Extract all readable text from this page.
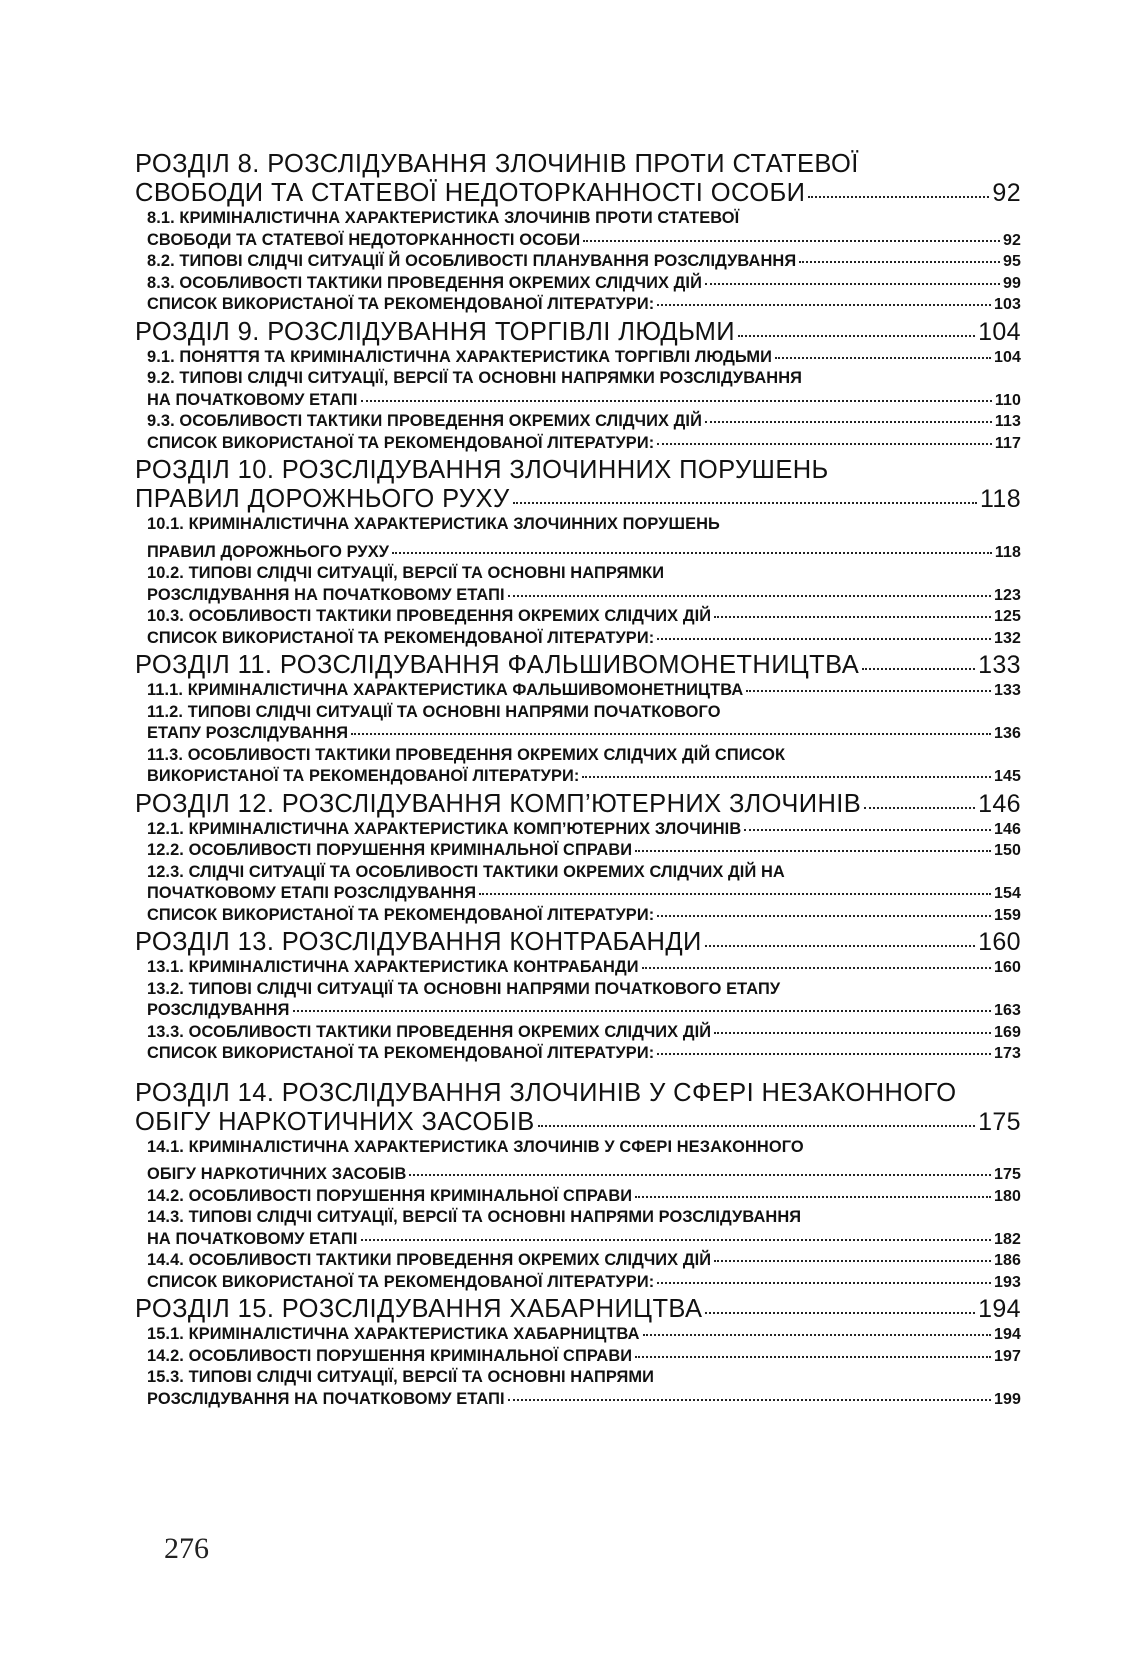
РОЗДІЛ 8. РОЗСЛІДУВАННЯ ЗЛОЧИНІВ ПРОТИ СТАТЕВОЇ
СВОБОДИ ТА СТАТЕВОЇ НЕДОТОРКАННОСТІ ОСОБИ	92
8.1. КРИМІНАЛІСТИЧНА ХАРАКТЕРИСТИКА ЗЛОЧИНІВ ПРОТИ СТАТЕВОЇ
СВОБОДИ ТА СТАТЕВОЇ НЕДОТОРКАННОСТІ ОСОБИ	92
8.2. ТИПОВІ СЛІДЧІ СИТУАЦІЇ Й ОСОБЛИВОСТІ ПЛАНУВАННЯ РОЗСЛІДУВАННЯ	95
8.3. ОСОБЛИВОСТІ ТАКТИКИ ПРОВЕДЕННЯ ОКРЕМИХ СЛІДЧИХ ДІЙ	99
СПИСОК ВИКОРИСТАНОЇ ТА РЕКОМЕНДОВАНОЇ ЛІТЕРАТУРИ:	103
РОЗДІЛ 9. РОЗСЛІДУВАННЯ ТОРГІВЛІ ЛЮДЬМИ	104
9.1. ПОНЯТТЯ ТА КРИМІНАЛІСТИЧНА ХАРАКТЕРИСТИКА ТОРГІВЛІ ЛЮДЬМИ	104
9.2. ТИПОВІ СЛІДЧІ СИТУАЦІЇ, ВЕРСІЇ ТА ОСНОВНІ НАПРЯМКИ РОЗСЛІДУВАННЯ
НА ПОЧАТКОВОМУ ЕТАПІ	110
9.3. ОСОБЛИВОСТІ ТАКТИКИ ПРОВЕДЕННЯ ОКРЕМИХ СЛІДЧИХ ДІЙ	113
СПИСОК ВИКОРИСТАНОЇ ТА РЕКОМЕНДОВАНОЇ ЛІТЕРАТУРИ:	117
РОЗДІЛ 10. РОЗСЛІДУВАННЯ ЗЛОЧИННИХ ПОРУШЕНЬ
ПРАВИЛ ДОРОЖНЬОГО РУХУ	118
10.1. КРИМІНАЛІСТИЧНА ХАРАКТЕРИСТИКА ЗЛОЧИННИХ ПОРУШЕНЬ
ПРАВИЛ ДОРОЖНЬОГО РУХУ	118
10.2. ТИПОВІ СЛІДЧІ СИТУАЦІЇ, ВЕРСІЇ ТА ОСНОВНІ НАПРЯМКИ
РОЗСЛІДУВАННЯ НА ПОЧАТКОВОМУ ЕТАПІ	123
10.3. ОСОБЛИВОСТІ ТАКТИКИ ПРОВЕДЕННЯ ОКРЕМИХ СЛІДЧИХ ДІЙ	125
СПИСОК ВИКОРИСТАНОЇ ТА РЕКОМЕНДОВАНОЇ ЛІТЕРАТУРИ:	132
РОЗДІЛ 11. РОЗСЛІДУВАННЯ ФАЛЬШИВОМОНЕТНИЦТВА	133
11.1. КРИМІНАЛІСТИЧНА ХАРАКТЕРИСТИКА ФАЛЬШИВОМОНЕТНИЦТВА	133
11.2. ТИПОВІ СЛІДЧІ СИТУАЦІЇ ТА ОСНОВНІ НАПРЯМИ ПОЧАТКОВОГО
ЕТАПУ РОЗСЛІДУВАННЯ	136
11.3. ОСОБЛИВОСТІ ТАКТИКИ ПРОВЕДЕННЯ ОКРЕМИХ СЛІДЧИХ ДІЙ СПИСОК
ВИКОРИСТАНОЇ ТА РЕКОМЕНДОВАНОЇ ЛІТЕРАТУРИ:	145
РОЗДІЛ 12. РОЗСЛІДУВАННЯ КОМП’ЮТЕРНИХ ЗЛОЧИНІВ	146
12.1. КРИМІНАЛІСТИЧНА ХАРАКТЕРИСТИКА КОМП’ЮТЕРНИХ ЗЛОЧИНІВ	146
12.2. ОСОБЛИВОСТІ ПОРУШЕННЯ КРИМІНАЛЬНОЇ СПРАВИ	150
12.3. СЛІДЧІ СИТУАЦІЇ ТА ОСОБЛИВОСТІ ТАКТИКИ ОКРЕМИХ СЛІДЧИХ ДІЙ НА
ПОЧАТКОВОМУ ЕТАПІ РОЗСЛІДУВАННЯ	154
СПИСОК ВИКОРИСТАНОЇ ТА РЕКОМЕНДОВАНОЇ ЛІТЕРАТУРИ:	159
РОЗДІЛ 13. РОЗСЛІДУВАННЯ КОНТРАБАНДИ	160
13.1. КРИМІНАЛІСТИЧНА ХАРАКТЕРИСТИКА КОНТРАБАНДИ	160
13.2. ТИПОВІ СЛІДЧІ СИТУАЦІЇ ТА ОСНОВНІ НАПРЯМИ ПОЧАТКОВОГО ЕТАПУ
РОЗСЛІДУВАННЯ	163
13.3. ОСОБЛИВОСТІ ТАКТИКИ ПРОВЕДЕННЯ ОКРЕМИХ СЛІДЧИХ ДІЙ	169
СПИСОК ВИКОРИСТАНОЇ ТА РЕКОМЕНДОВАНОЇ ЛІТЕРАТУРИ:	173
РОЗДІЛ 14. РОЗСЛІДУВАННЯ ЗЛОЧИНІВ У СФЕРІ НЕЗАКОННОГО
ОБІГУ НАРКОТИЧНИХ ЗАСОБІВ	175
14.1. КРИМІНАЛІСТИЧНА ХАРАКТЕРИСТИКА ЗЛОЧИНІВ У СФЕРІ НЕЗАКОННОГО
ОБІГУ НАРКОТИЧНИХ ЗАСОБІВ	175
14.2. ОСОБЛИВОСТІ ПОРУШЕННЯ КРИМІНАЛЬНОЇ СПРАВИ	180
14.3. ТИПОВІ СЛІДЧІ СИТУАЦІЇ, ВЕРСІЇ ТА ОСНОВНІ НАПРЯМИ РОЗСЛІДУВАННЯ
НА ПОЧАТКОВОМУ ЕТАПІ	182
14.4. ОСОБЛИВОСТІ ТАКТИКИ ПРОВЕДЕННЯ ОКРЕМИХ СЛІДЧИХ ДІЙ	186
СПИСОК ВИКОРИСТАНОЇ ТА РЕКОМЕНДОВАНОЇ ЛІТЕРАТУРИ:	193
РОЗДІЛ 15. РОЗСЛІДУВАННЯ ХАБАРНИЦТВА	194
15.1. КРИМІНАЛІСТИЧНА ХАРАКТЕРИСТИКА ХАБАРНИЦТВА	194
14.2. ОСОБЛИВОСТІ ПОРУШЕННЯ КРИМІНАЛЬНОЇ СПРАВИ	197
15.3. ТИПОВІ СЛІДЧІ СИТУАЦІЇ, ВЕРСІЇ ТА ОСНОВНІ НАПРЯМИ
РОЗСЛІДУВАННЯ НА ПОЧАТКОВОМУ ЕТАПІ	199
276
